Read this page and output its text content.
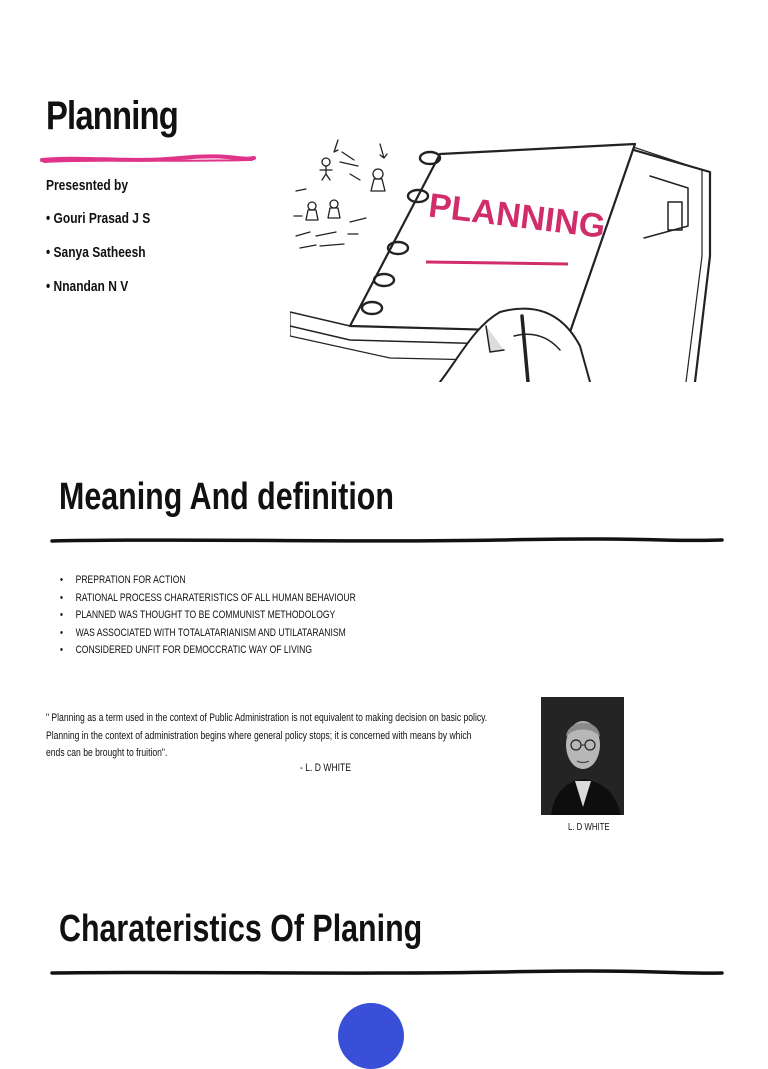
Planning
Presesnted by
• Gouri Prasad J S
• Sanya Satheesh
• Nnandan N V
PLANNING
Meaning And definition
• PREPRATION FOR ACTION
• RATIONAL PROCESS CHARATERISTICS OF ALL HUMAN BEHAVIOUR
• PLANNED WAS THOUGHT TO BE COMMUNIST METHODOLOGY
• WAS ASSOCIATED WITH TOTALATARIANISM AND UTILATARANISM
• CONSIDERED UNFIT FOR DEMOCCRATIC WAY OF LIVING
" Planning as a term used in the context of Public Administration is not equivalent to making decision on basic policy. Planning in the context of administration begins where general policy stops; it is concerned with means by which ends can be brought to fruition".
- L. D WHITE
L. D WHITE
Charateristics Of Planing
